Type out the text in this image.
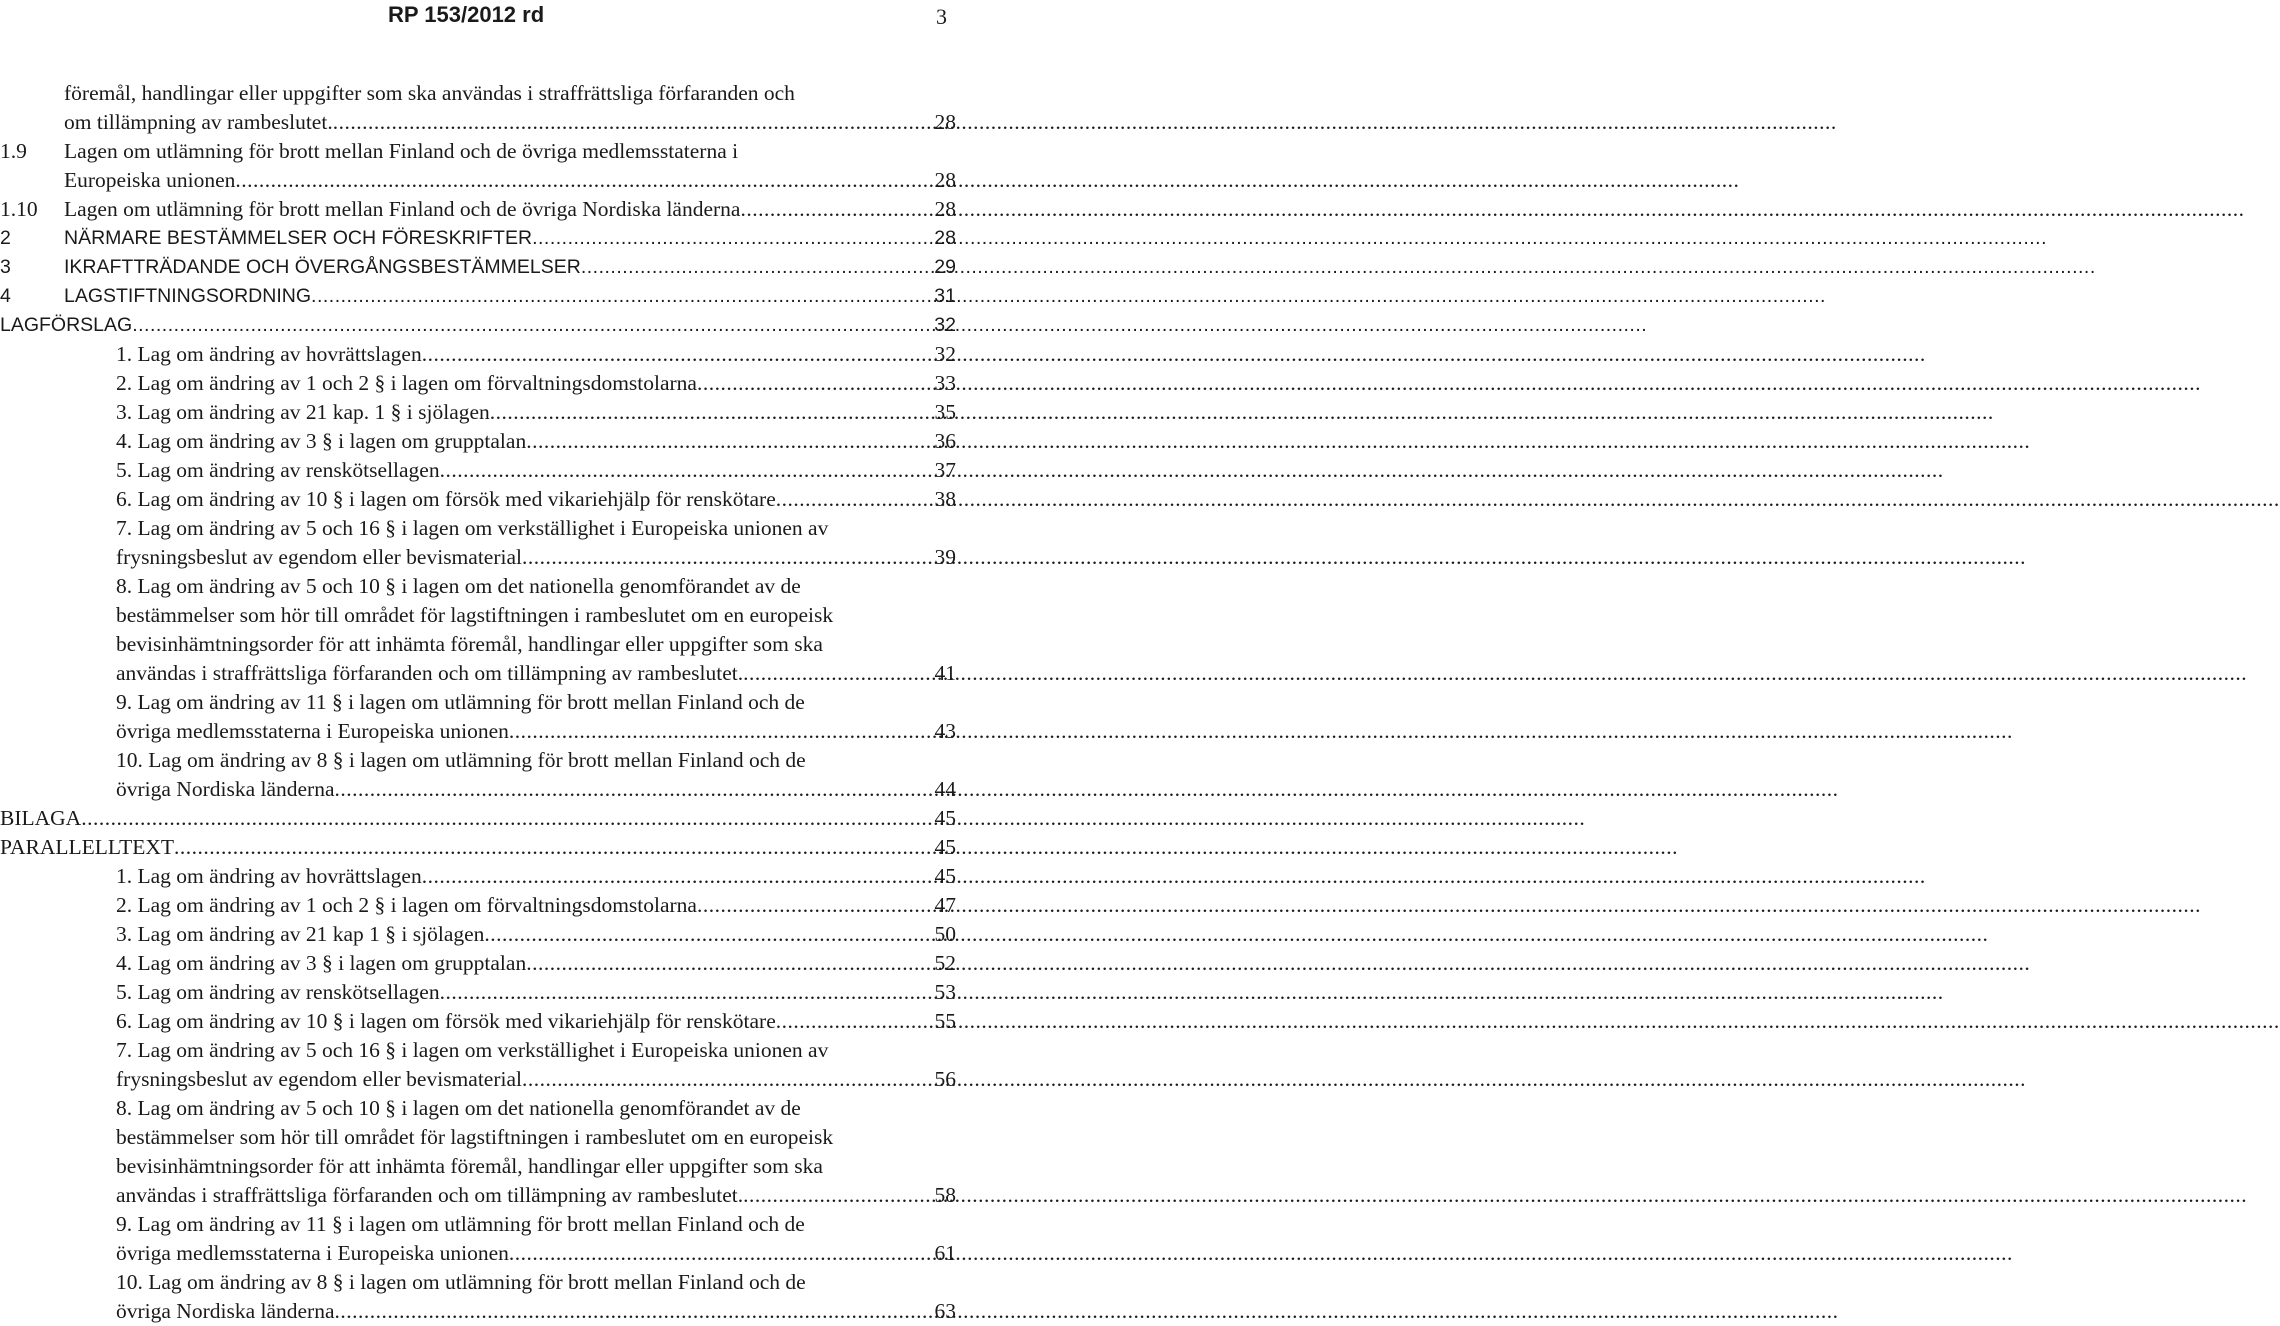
RP 153/2012 rd	3
föremål, handlingar eller uppgifter som ska användas i straffrättsliga förfaranden och
om tillämpning av rambeslutet. .....	28
1.9 Lagen om utlämning för brott mellan Finland och de övriga medlemsstaterna i
Europeiska unionen .....	28
1.10 Lagen om utlämning för brott mellan Finland och de övriga Nordiska länderna .....	28
2	NÄRMARE BESTÄMMELSER OCH FÖRESKRIFTER .....	28
3	IKRAFTTRÄDANDE OCH ÖVERGÅNGSBESTÄMMELSER .....	29
4	LAGSTIFTNINGSORDNING .....	31
LAGFÖRSLAG .....	32
1. Lag om ändring av hovrättslagen .....	32
2. Lag om ändring av 1 och 2 § i lagen om förvaltningsdomstolarna .....	33
3. Lag om ändring av 21 kap. 1 § i sjölagen .....	35
4. Lag om ändring av 3 § i lagen om grupptalan .....	36
5. Lag om ändring av renskötsellagen .....	37
6. Lag om ändring av 10 § i lagen om försök med vikariehjälp för renskötare .....	38
7. Lag om ändring av 5 och 16 § i lagen om verkställighet i Europeiska unionen av
frysningsbeslut av egendom eller bevismaterial .....	39
8. Lag om ändring av 5 och 10 § i lagen om det nationella genomförandet av de
bestämmelser som hör till området för lagstiftningen i rambeslutet om en europeisk
bevisinhämtningsorder för att inhämta föremål, handlingar eller uppgifter som ska
användas i straffrättsliga förfaranden och om tillämpning av rambeslutet. .....	41
9. Lag om ändring av 11 § i lagen om utlämning för brott mellan Finland och de
övriga medlemsstaterna i Europeiska unionen .....	43
10. Lag om ändring av 8 § i lagen om utlämning för brott mellan Finland och de
övriga Nordiska länderna .....	44
BILAGA .....	45
PARALLELLTEXT .....	45
1. Lag om ändring av hovrättslagen .....	45
2. Lag om ändring av 1 och 2 § i lagen om förvaltningsdomstolarna .....	47
3. Lag om ändring av 21 kap 1 § i sjölagen .....	50
4. Lag om ändring av 3 § i lagen om grupptalan .....	52
5. Lag om ändring av renskötsellagen .....	53
6. Lag om ändring av 10 § i lagen om försök med vikariehjälp för renskötare .....	55
7. Lag om ändring av 5 och 16 § i lagen om verkställighet i Europeiska unionen av
frysningsbeslut av egendom eller bevismaterial .....	56
8. Lag om ändring av 5 och 10 § i lagen om det nationella genomförandet av de
bestämmelser som hör till området för lagstiftningen i rambeslutet om en europeisk
bevisinhämtningsorder för att inhämta föremål, handlingar eller uppgifter som ska
användas i straffrättsliga förfaranden och om tillämpning av rambeslutet. .....	58
9. Lag om ändring av 11 § i lagen om utlämning för brott mellan Finland och de
övriga medlemsstaterna i Europeiska unionen .....	61
10. Lag om ändring av 8 § i lagen om utlämning för brott mellan Finland och de
övriga Nordiska länderna .....	63
